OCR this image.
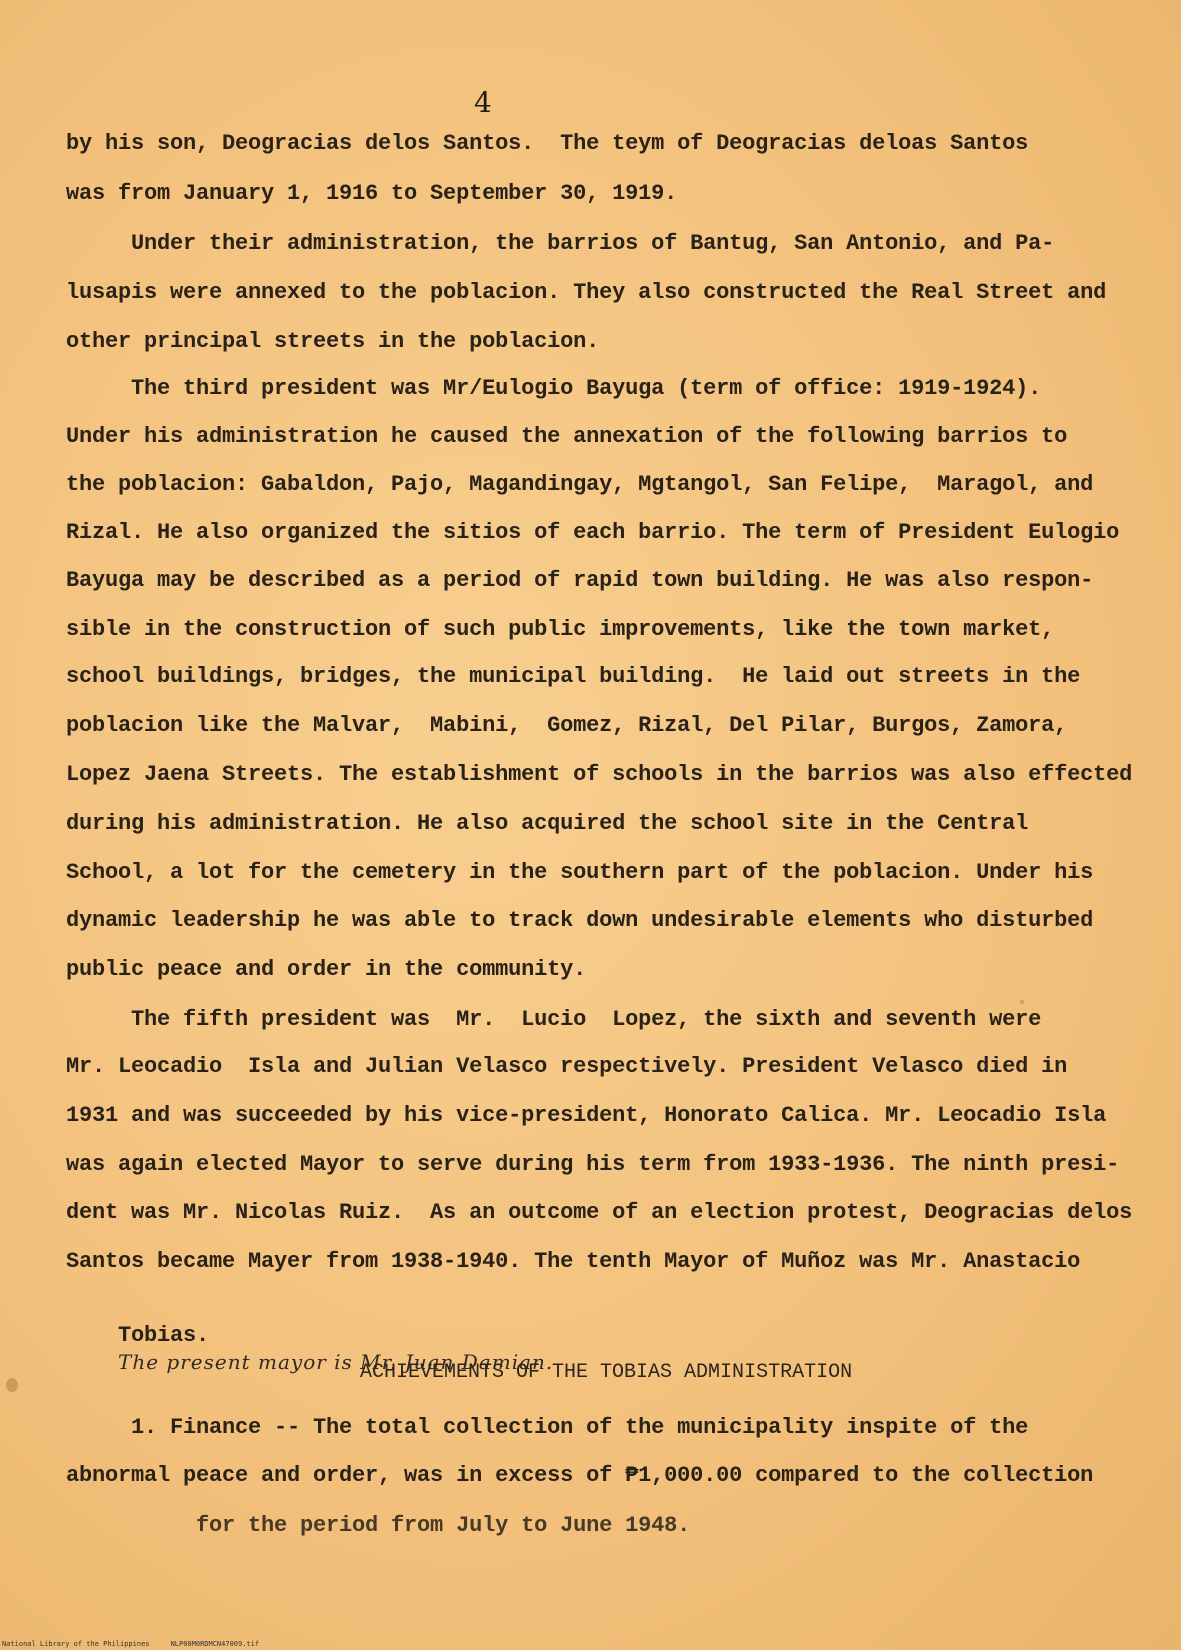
4
by his son, Deogracias delos Santos.  The teym of Deogracias deloas Santos
was from January 1, 1916 to September 30, 1919.
Under their administration, the barrios of Bantug, San Antonio, and Pa-
lusapis were annexed to the poblacion. They also constructed the Real Street and
other principal streets in the poblacion.
The third president was Mr/Eulogio Bayuga (term of office: 1919-1924).
Under his administration he caused the annexation of the following barrios to
the poblacion: Gabaldon, Pajo, Magandingay, Mgtangol, San Felipe,  Maragol, and
Rizal. He also organized the sitios of each barrio. The term of President Eulogio
Bayuga may be described as a period of rapid town building. He was also respon-
sible in the construction of such public improvements, like the town market,
school buildings, bridges, the municipal building.  He laid out streets in the
poblacion like the Malvar,  Mabini,  Gomez, Rizal, Del Pilar, Burgos, Zamora,
Lopez Jaena Streets. The establishment of schools in the barrios was also effected
during his administration. He also acquired the school site in the Central
School, a lot for the cemetery in the southern part of the poblacion. Under his
dynamic leadership he was able to track down undesirable elements who disturbed
public peace and order in the community.
The fifth president was  Mr.  Lucio  Lopez, the sixth and seventh were
Mr. Leocadio  Isla and Julian Velasco respectively. President Velasco died in
1931 and was succeeded by his vice-president, Honorato Calica. Mr. Leocadio Isla
was again elected Mayor to serve during his term from 1933-1936. The ninth presi-
dent was Mr. Nicolas Ruiz.  As an outcome of an election protest, Deogracias delos
Santos became Mayer from 1938-1940. The tenth Mayor of Muñoz was Mr. Anastacio

Tobias.
The present mayor is Mr. Juan Damian.

ACHIEVEMENTS OF THE TOBIAS ADMINISTRATION
1. Finance -- The total collection of the municipality inspite of the
abnormal peace and order, was in excess of ₱1,000.00 compared to the collection
for the period from July to June 1948.
National Library of the Philippines     NLP00M0RDMCN47009.tif
